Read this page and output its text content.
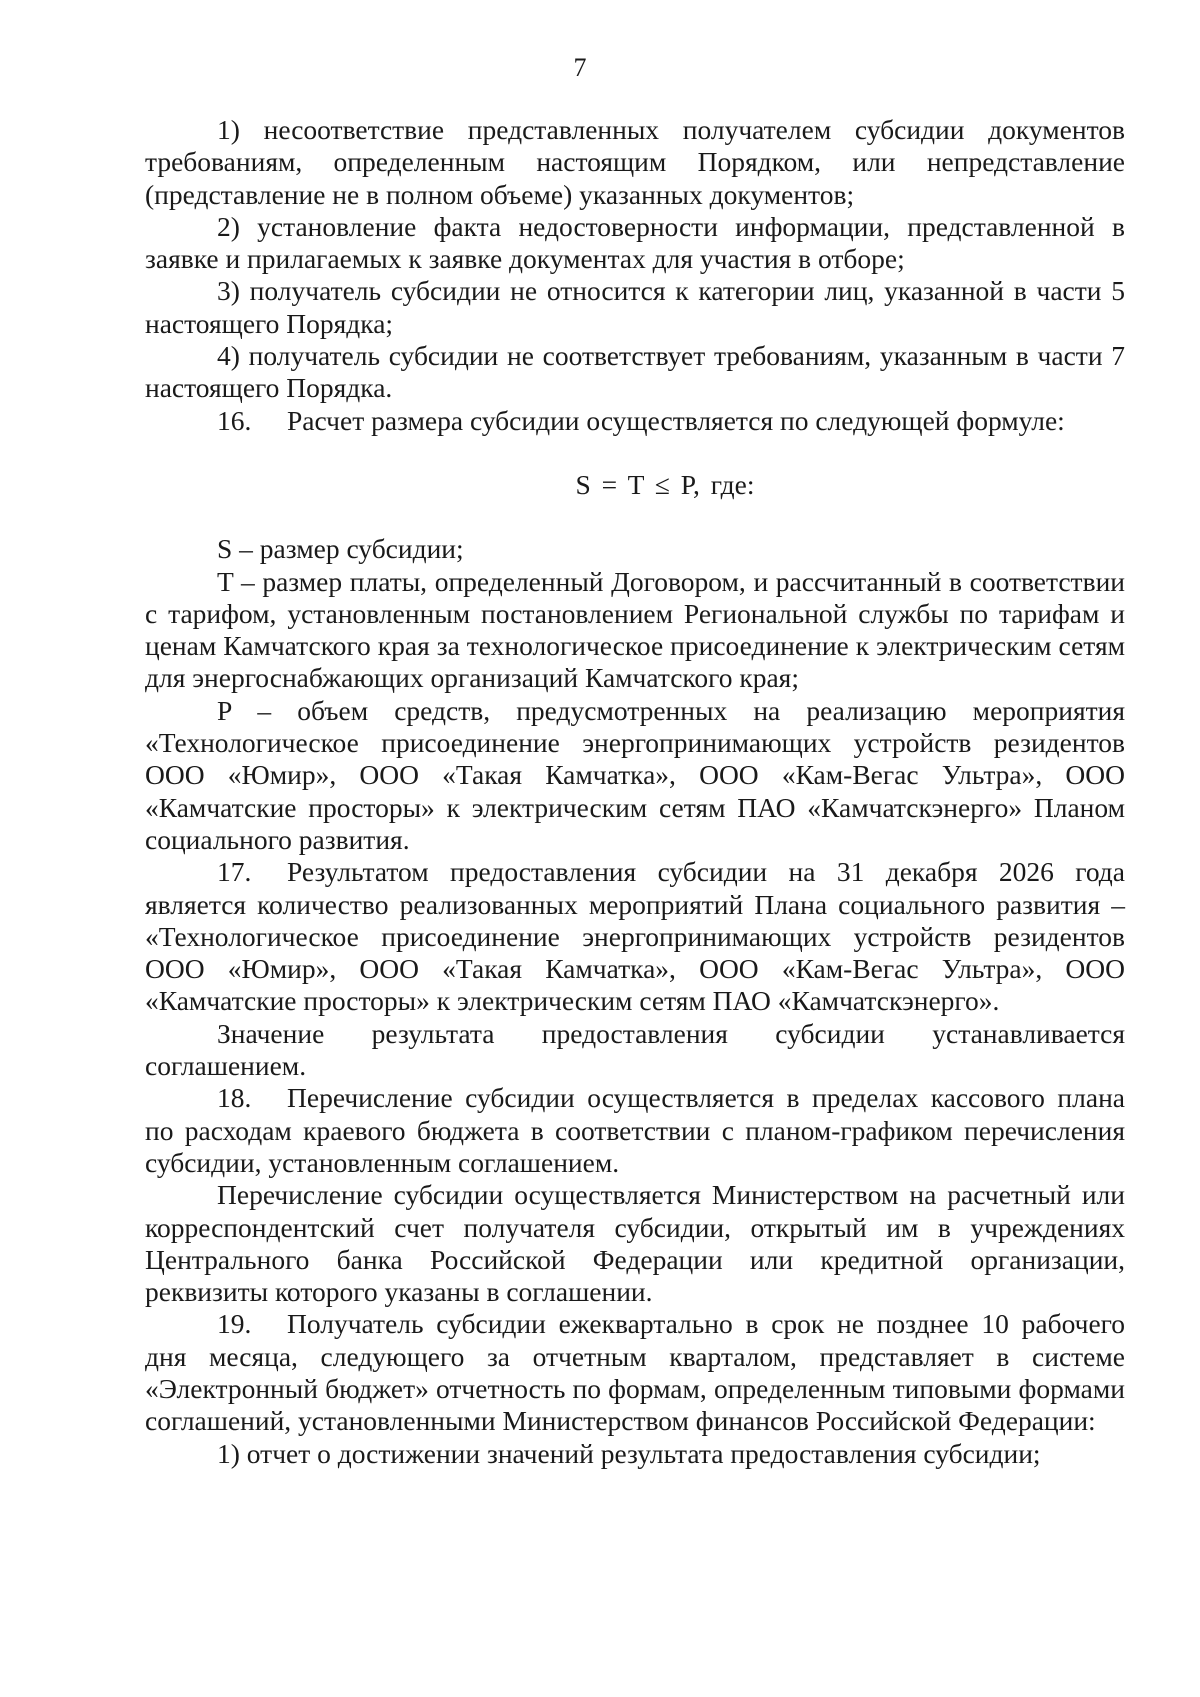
7

1) несоответствие представленных получателем субсидии документов требованиям, определенным настоящим Порядком, или непредставление (представление не в полном объеме) указанных документов;

2) установление факта недостоверности информации, представленной в заявке и прилагаемых к заявке документах для участия в отборе;

3) получатель субсидии не относится к категории лиц, указанной в части 5 настоящего Порядка;

4) получатель субсидии не соответствует требованиям, указанным в части 7 настоящего Порядка.

16. Расчет размера субсидии осуществляется по следующей формуле:

S = T ≤ P, где:

S – размер субсидии;

T – размер платы, определенный Договором, и рассчитанный в соответствии с тарифом, установленным постановлением Региональной службы по тарифам и ценам Камчатского края за технологическое присоединение к электрическим сетям для энергоснабжающих организаций Камчатского края;

P – объем средств, предусмотренных на реализацию мероприятия «Технологическое присоединение энергопринимающих устройств резидентов ООО «Юмир», ООО «Такая Камчатка», ООО «Кам-Вегас Ультра», ООО «Камчатские просторы» к электрическим сетям ПАО «Камчатскэнерго» Планом социального развития.

17. Результатом предоставления субсидии на 31 декабря 2026 года является количество реализованных мероприятий Плана социального развития – «Технологическое присоединение энергопринимающих устройств резидентов ООО «Юмир», ООО «Такая Камчатка», ООО «Кам-Вегас Ультра», ООО «Камчатские просторы» к электрическим сетям ПАО «Камчатскэнерго».

Значение результата предоставления субсидии устанавливается соглашением.

18. Перечисление субсидии осуществляется в пределах кассового плана по расходам краевого бюджета в соответствии с планом-графиком перечисления субсидии, установленным соглашением.

Перечисление субсидии осуществляется Министерством на расчетный или корреспондентский счет получателя субсидии, открытый им в учреждениях Центрального банка Российской Федерации или кредитной организации, реквизиты которого указаны в соглашении.

19. Получатель субсидии ежеквартально в срок не позднее 10 рабочего дня месяца, следующего за отчетным кварталом, представляет в системе «Электронный бюджет» отчетность по формам, определенным типовыми формами соглашений, установленными Министерством финансов Российской Федерации:

1) отчет о достижении значений результата предоставления субсидии;
